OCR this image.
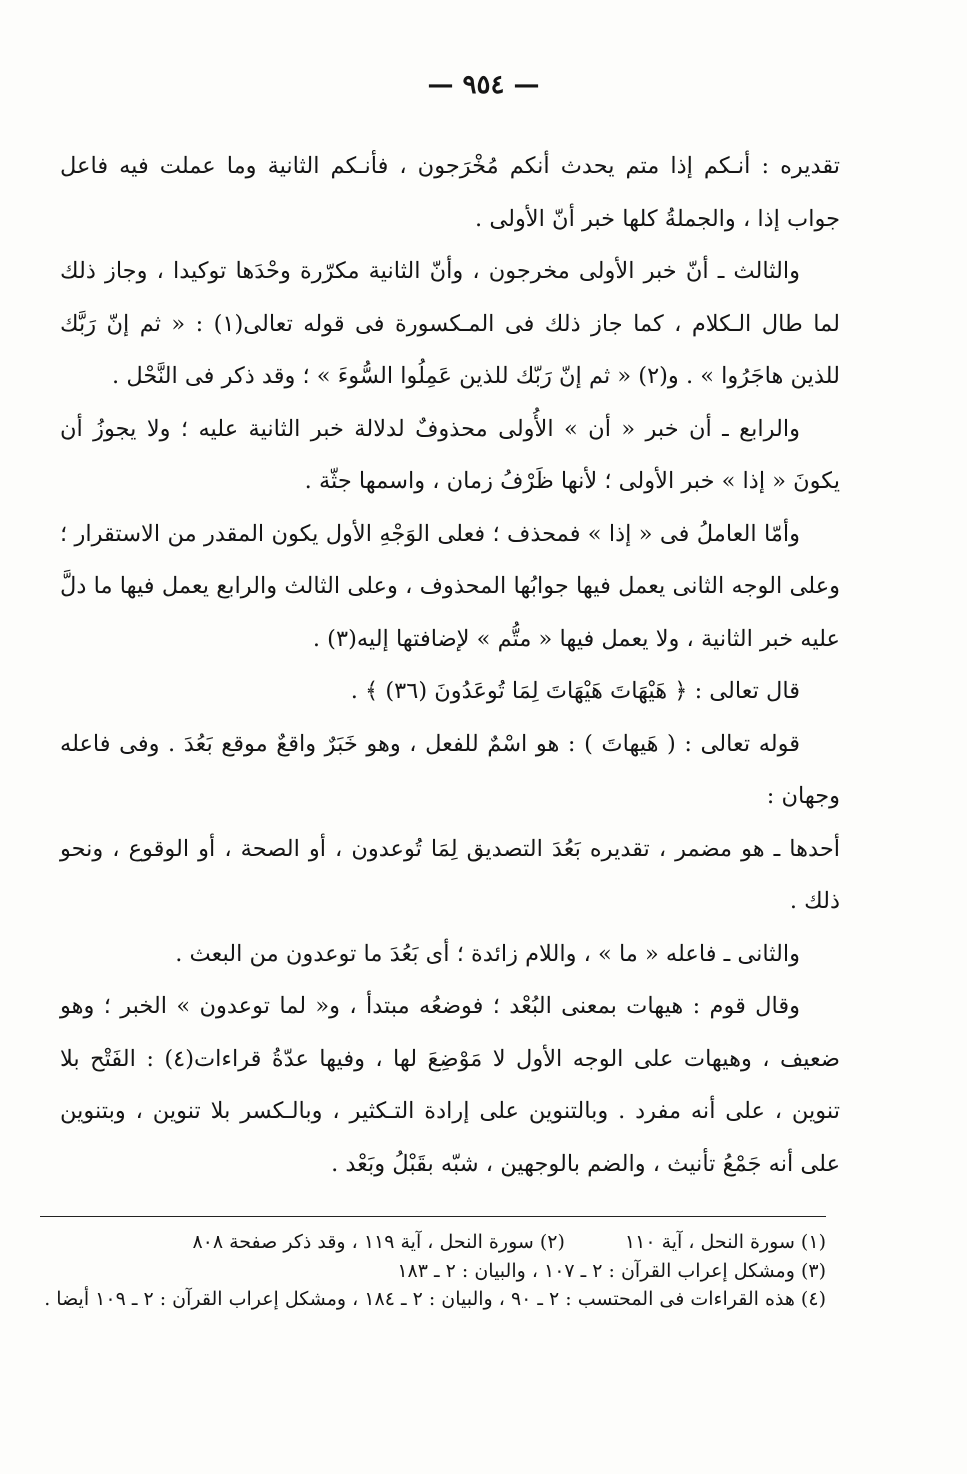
— ٩٥٤ —

تقديره : أنـكم إذا متم يحدث أنكم مُخْرَجون ، فأنـكم الثانية وما عملت فيه فاعل جواب إذا ، والجملةُ كلها خبر أنّ الأولى .

والثالث ـ أنّ خبر الأولى مخرجون ، وأنّ الثانية مكرّرة وحْدَها توكيدا ، وجاز ذلك لما طال الـكلام ، كما جاز ذلك فى المـكسورة فى قوله تعالى(١) : « ثم إنّ رَبَّك للذين هاجَرُوا » . و(٢) « ثم إنّ رَبّك للذين عَمِلُوا السُّوءَ » ؛ وقد ذكر فى النَّحْل .

والرابع ـ أن خبر « أن » الأُولى محذوفٌ لدلالة خبر الثانية عليه ؛ ولا يجوزُ أن يكونَ « إذا » خبر الأولى ؛ لأنها ظَرْفُ زمان ، واسمها جثّة .

وأمّا العاملُ فى « إذا » فمحذف ؛ فعلى الوَجْهِ الأول يكون المقدر من الاستقرار ؛ وعلى الوجه الثانى يعمل فيها جوابُها المحذوف ، وعلى الثالث والرابع يعمل فيها ما دلَّ عليه خبر الثانية ، ولا يعمل فيها « متُّم » لإضافتها إليه(٣) .

قال تعالى : ﴿ هَيْهَاتَ هَيْهَاتَ لِمَا تُوعَدُونَ (٣٦) ﴾ .

قوله تعالى : ( هَيهاتَ ) : هو اسْمٌ للفعل ، وهو خَبَرٌ واقعٌ موقع بَعُدَ . وفى فاعله وجهان :

أحدها ـ هو مضمر ، تقديره بَعُدَ التصديق لِمَا تُوعدون ، أو الصحة ، أو الوقوع ، ونحو ذلك .

والثانى ـ فاعله « ما » ، واللام زائدة ؛ أى بَعُدَ ما توعدون من البعث .

وقال قوم : هيهات بمعنى البُعْد ؛ فوضعُه مبتدأ ، و« لما توعدون » الخبر ؛ وهو ضعيف ، وهيهات على الوجه الأول لا مَوْضِعَ لها ، وفيها عدّةُ قراءات(٤) : الفَتْح بلا تنوين ، على أنه مفرد . وبالتنوين على إرادة التـكثير ، وبالـكسر بلا تنوين ، وبتنوين على أنه جَمْعُ تأنيث ، والضم بالوجهين ، شبّه بقَبْلُ وبَعْد .

(١) سورة النحل ، آية ١١٠(٢) سورة النحل ، آية ١١٩ ، وقد ذكر صفحة ٨٠٨

(٣) ومشكل إعراب القرآن : ٢ ـ ١٠٧ ، والبيان : ٢ ـ ١٨٣

(٤) هذه القراءات فى المحتسب : ٢ ـ ٩٠ ، والبيان : ٢ ـ ١٨٤ ، ومشكل إعراب القرآن : ٢ ـ ١٠٩ أيضا .
